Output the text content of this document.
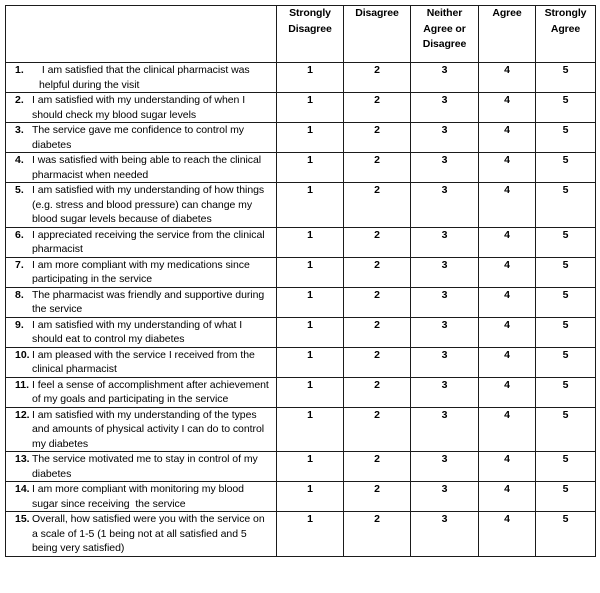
	Strongly Disagree	Disagree	Neither Agree or Disagree	Agree	Strongly Agree

1. I am satisfied that the clinical pharmacist was helpful during the visit	1	2	3	4	5

2. I am satisfied with my understanding of when I should check my blood sugar levels	1	2	3	4	5

3. The service gave me confidence to control my diabetes	1	2	3	4	5

4. I was satisfied with being able to reach the clinical pharmacist when needed	1	2	3	4	5

5. I am satisfied with my understanding of how things (e.g. stress and blood pressure) can change my blood sugar levels because of diabetes	1	2	3	4	5

6. I appreciated receiving the service from the clinical pharmacist	1	2	3	4	5

7. I am more compliant with my medications since participating in the service	1	2	3	4	5

8. The pharmacist was friendly and supportive during the service	1	2	3	4	5

9. I am satisfied with my understanding of what I should eat to control my diabetes	1	2	3	4	5

10. I am pleased with the service I received from the clinical pharmacist	1	2	3	4	5

11. I feel a sense of accomplishment after achievement of my goals and participating in the service	1	2	3	4	5

12. I am satisfied with my understanding of the types and amounts of physical activity I can do to control my diabetes	1	2	3	4	5

13. The service motivated me to stay in control of my diabetes	1	2	3	4	5

14. I am more compliant with monitoring my blood sugar since receiving  the service	1	2	3	4	5

15. Overall, how satisfied were you with the service on a scale of 1-5 (1 being not at all satisfied and 5 being very satisfied)	1	2	3	4	5
